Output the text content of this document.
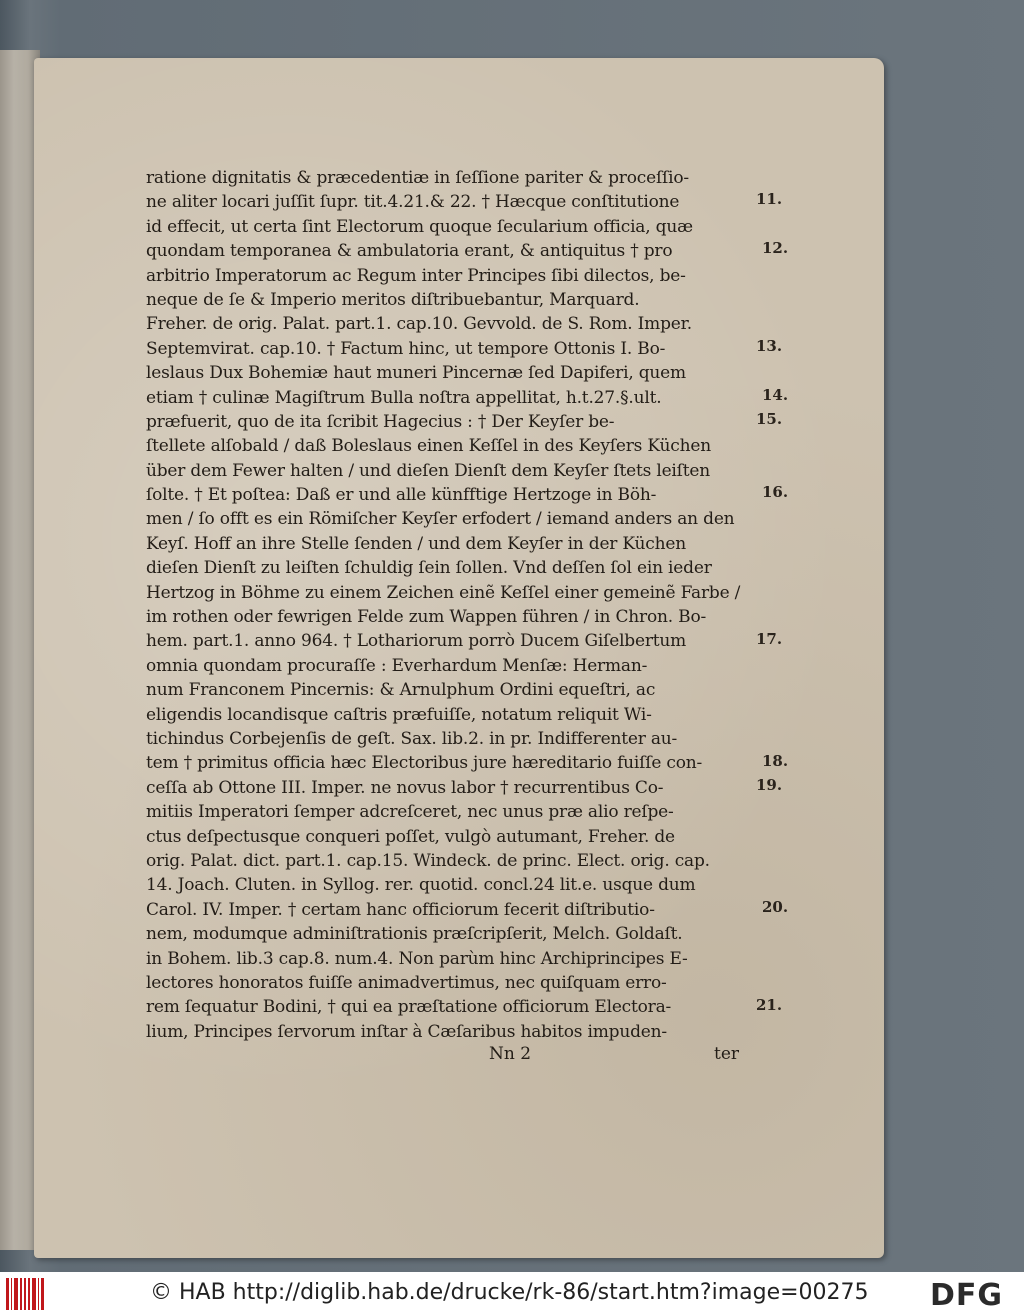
ratione dignitatis & præcedentiæ in ſeſſione pariter & proceſſio-
ne aliter locari juſſit ſupr. tit.4.21.& 22. † Hæcque conſtitutione
id effecit, ut certa ſint Electorum quoque ſecularium officia, quæ
quondam temporanea & ambulatoria erant, & antiquitus † pro
arbitrio Imperatorum ac Regum inter Principes ſibi dilectos, be-
neque de ſe & Imperio meritos diſtribuebantur, Marquard.
Freher. de orig. Palat. part.1. cap.10. Gevvold. de S. Rom. Imper.
Septemvirat. cap.10. † Factum hinc, ut tempore Ottonis I. Bo-
leslaus Dux Bohemiæ haut muneri Pincernæ ſed Dapiferi, quem
etiam † culinæ Magiſtrum Bulla noſtra appellitat, h.t.27.§.ult.
præfuerit, quo de ita ſcribit Hagecius : † Der Keyſer be-
ſtellete alſobald / daß Boleslaus einen Keſſel in des Keyſers Küchen
über dem Fewer halten / und dieſen Dienſt dem Keyſer ſtets leiſten
ſolte. † Et poſtea: Daß er und alle künfftige Hertzoge in Böh-
men / ſo offt es ein Römiſcher Keyſer erfodert / iemand anders an den
Keyſ. Hoff an ihre Stelle ſenden / und dem Keyſer in der Küchen
dieſen Dienſt zu leiſten ſchuldig ſein ſollen. Vnd deſſen ſol ein ieder
Hertzog in Böhme zu einem Zeichen einẽ Keſſel einer gemeinẽ Farbe /
im rothen oder fewrigen Felde zum Wappen führen / in Chron. Bo-
hem. part.1. anno 964. † Lothariorum porrò Ducem Giſelbertum
omnia quondam procuraſſe : Everhardum Menſæ: Herman-
num Franconem Pincernis: & Arnulphum Ordini equeſtri, ac
eligendis locandisque caſtris præfuiſſe, notatum reliquit Wi-
tichindus Corbejenſis de geſt. Sax. lib.2. in pr. Indifferenter au-
tem † primitus officia hæc Electoribus jure hæreditario fuiſſe con-
ceſſa ab Ottone III. Imper. ne novus labor † recurrentibus Co-
mitiis Imperatori ſemper adcreſceret, nec unus præ alio reſpe-
ctus deſpectusque conqueri poſſet, vulgò autumant, Freher. de
orig. Palat. dict. part.1. cap.15. Windeck. de princ. Elect. orig. cap.
14. Joach. Cluten. in Syllog. rer. quotid. concl.24 lit.e. usque dum
Carol. IV. Imper. † certam hanc officiorum fecerit diſtributio-
nem, modumque adminiſtrationis præſcripſerit, Melch. Goldaſt.
in Bohem. lib.3 cap.8. num.4. Non parùm hinc Archiprincipes E-
lectores honoratos fuiſſe animadvertimus, nec quiſquam erro-
rem ſequatur Bodini, † qui ea præſtatione officiorum Electora-
lium, Principes ſervorum inſtar à Cæſaribus habitos impuden-
11.
12.
13.
14.
15.
16.
17.
18.
19.
20.
21.
Nn 2	ter
© HAB http://diglib.hab.de/drucke/rk-86/start.htm?image=00275 DFG
